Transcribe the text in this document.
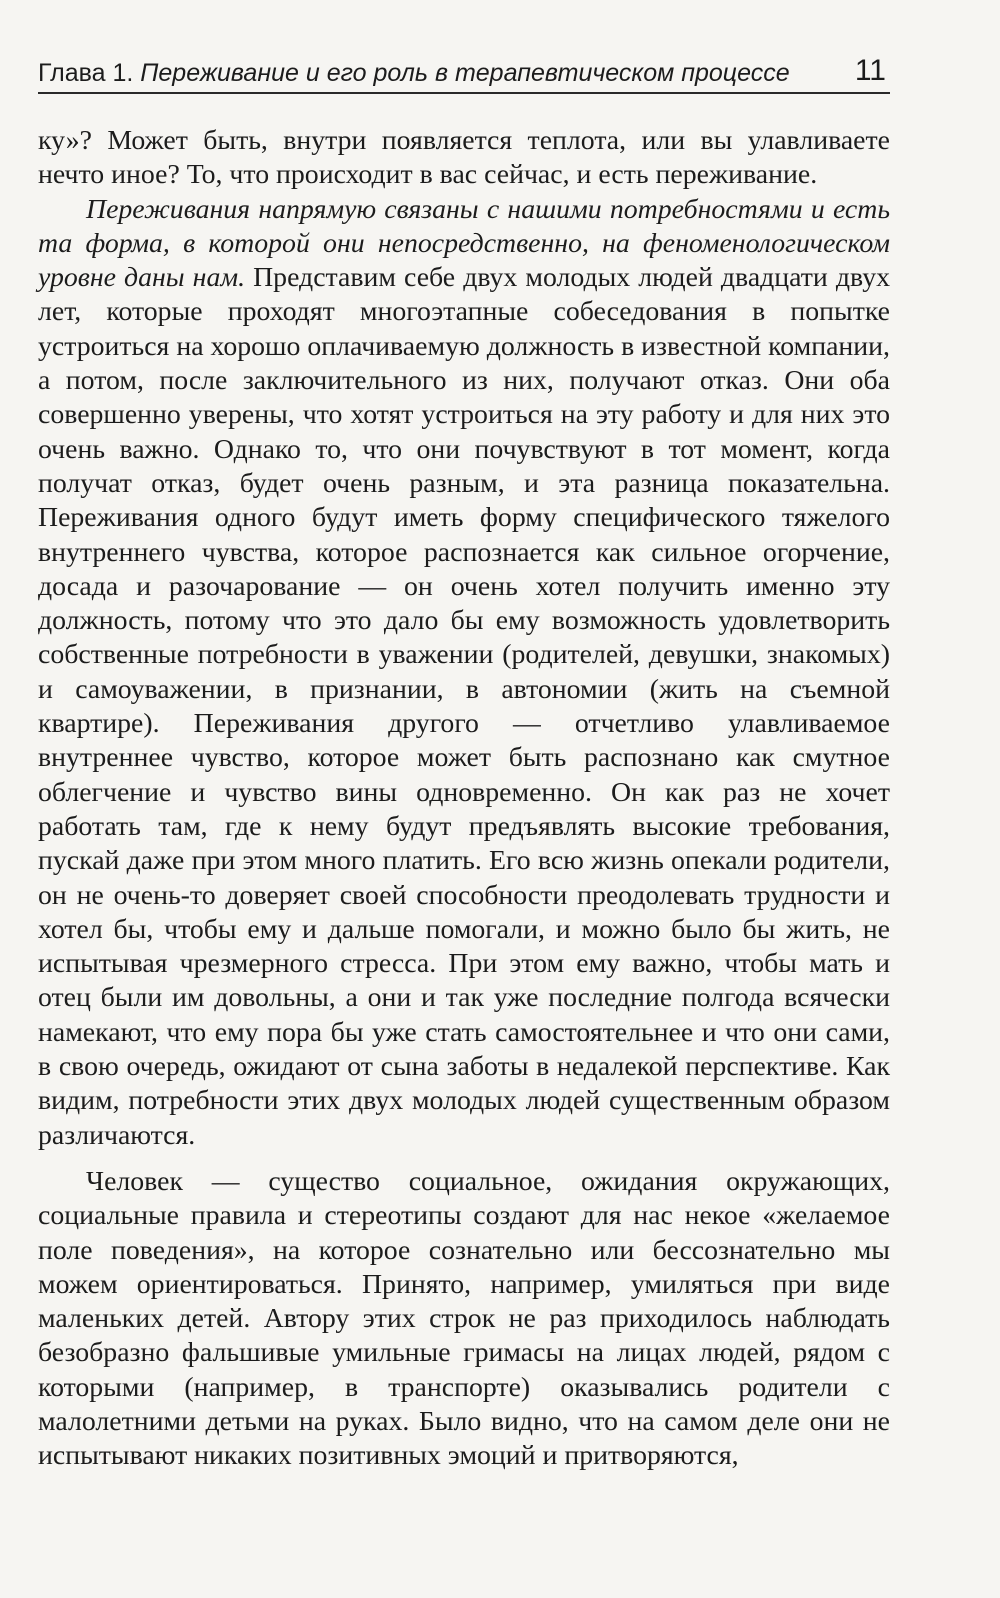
Глава 1. Переживание и его роль в терапевтическом процессе 11

ку»? Может быть, внутри появляется теплота, или вы улавливаете нечто иное? То, что происходит в вас сейчас, и есть переживание.

Переживания напрямую связаны с нашими потребностями и есть та форма, в которой они непосредственно, на феноменологическом уровне даны нам. Представим себе двух молодых людей двадцати двух лет, которые проходят многоэтапные собеседования в попытке устроиться на хорошо оплачиваемую должность в известной компании, а потом, после заключительного из них, получают отказ. Они оба совершенно уверены, что хотят устроиться на эту работу и для них это очень важно. Однако то, что они почувствуют в тот момент, когда получат отказ, будет очень разным, и эта разница показательна. Переживания одного будут иметь форму специфического тяжелого внутреннего чувства, которое распознается как сильное огорчение, досада и разочарование — он очень хотел получить именно эту должность, потому что это дало бы ему возможность удовлетворить собственные потребности в уважении (родителей, девушки, знакомых) и самоуважении, в признании, в автономии (жить на съемной квартире). Переживания другого — отчетливо улавливаемое внутреннее чувство, которое может быть распознано как смутное облегчение и чувство вины одновременно. Он как раз не хочет работать там, где к нему будут предъявлять высокие требования, пускай даже при этом много платить. Его всю жизнь опекали родители, он не очень-то доверяет своей способности преодолевать трудности и хотел бы, чтобы ему и дальше помогали, и можно было бы жить, не испытывая чрезмерного стресса. При этом ему важно, чтобы мать и отец были им довольны, а они и так уже последние полгода всячески намекают, что ему пора бы уже стать самостоятельнее и что они сами, в свою очередь, ожидают от сына заботы в недалекой перспективе. Как видим, потребности этих двух молодых людей существенным образом различаются.

Человек — существо социальное, ожидания окружающих, социальные правила и стереотипы создают для нас некое «желаемое поле поведения», на которое сознательно или бессознательно мы можем ориентироваться. Принято, например, умиляться при виде маленьких детей. Автору этих строк не раз приходилось наблюдать безобразно фальшивые умильные гримасы на лицах людей, рядом с которыми (например, в транспорте) оказывались родители с малолетними детьми на руках. Было видно, что на самом деле они не испытывают никаких позитивных эмоций и притворяются,
